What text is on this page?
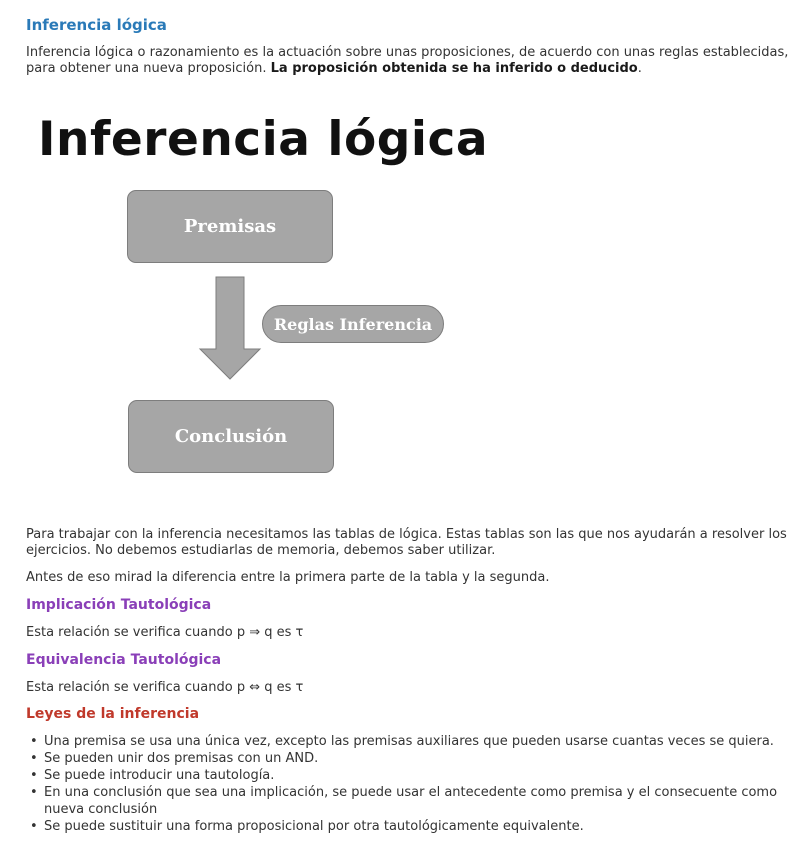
Inferencia lógica

Inferencia lógica o razonamiento es la actuación sobre unas proposiciones, de acuerdo con unas reglas establecidas, para obtener una nueva proposición. La proposición obtenida se ha inferido o deducido.

Inferencia lógica
Premisas
Reglas Inferencia
Conclusión

Para trabajar con la inferencia necesitamos las tablas de lógica. Estas tablas son las que nos ayudarán a resolver los ejercicios. No debemos estudiarlas de memoria, debemos saber utilizar.

Antes de eso mirad la diferencia entre la primera parte de la tabla y la segunda.

Implicación Tautológica

Esta relación se verifica cuando p ⇒ q es τ

Equivalencia Tautológica

Esta relación se verifica cuando p ⇔ q es τ

Leyes de la inferencia
• Una premisa se usa una única vez, excepto las premisas auxiliares que pueden usarse cuantas veces se quiera.
• Se pueden unir dos premisas con un AND.
• Se puede introducir una tautología.
• En una conclusión que sea una implicación, se puede usar el antecedente como premisa y el consecuente como nueva conclusión
• Se puede sustituir una forma proposicional por otra tautológicamente equivalente.
